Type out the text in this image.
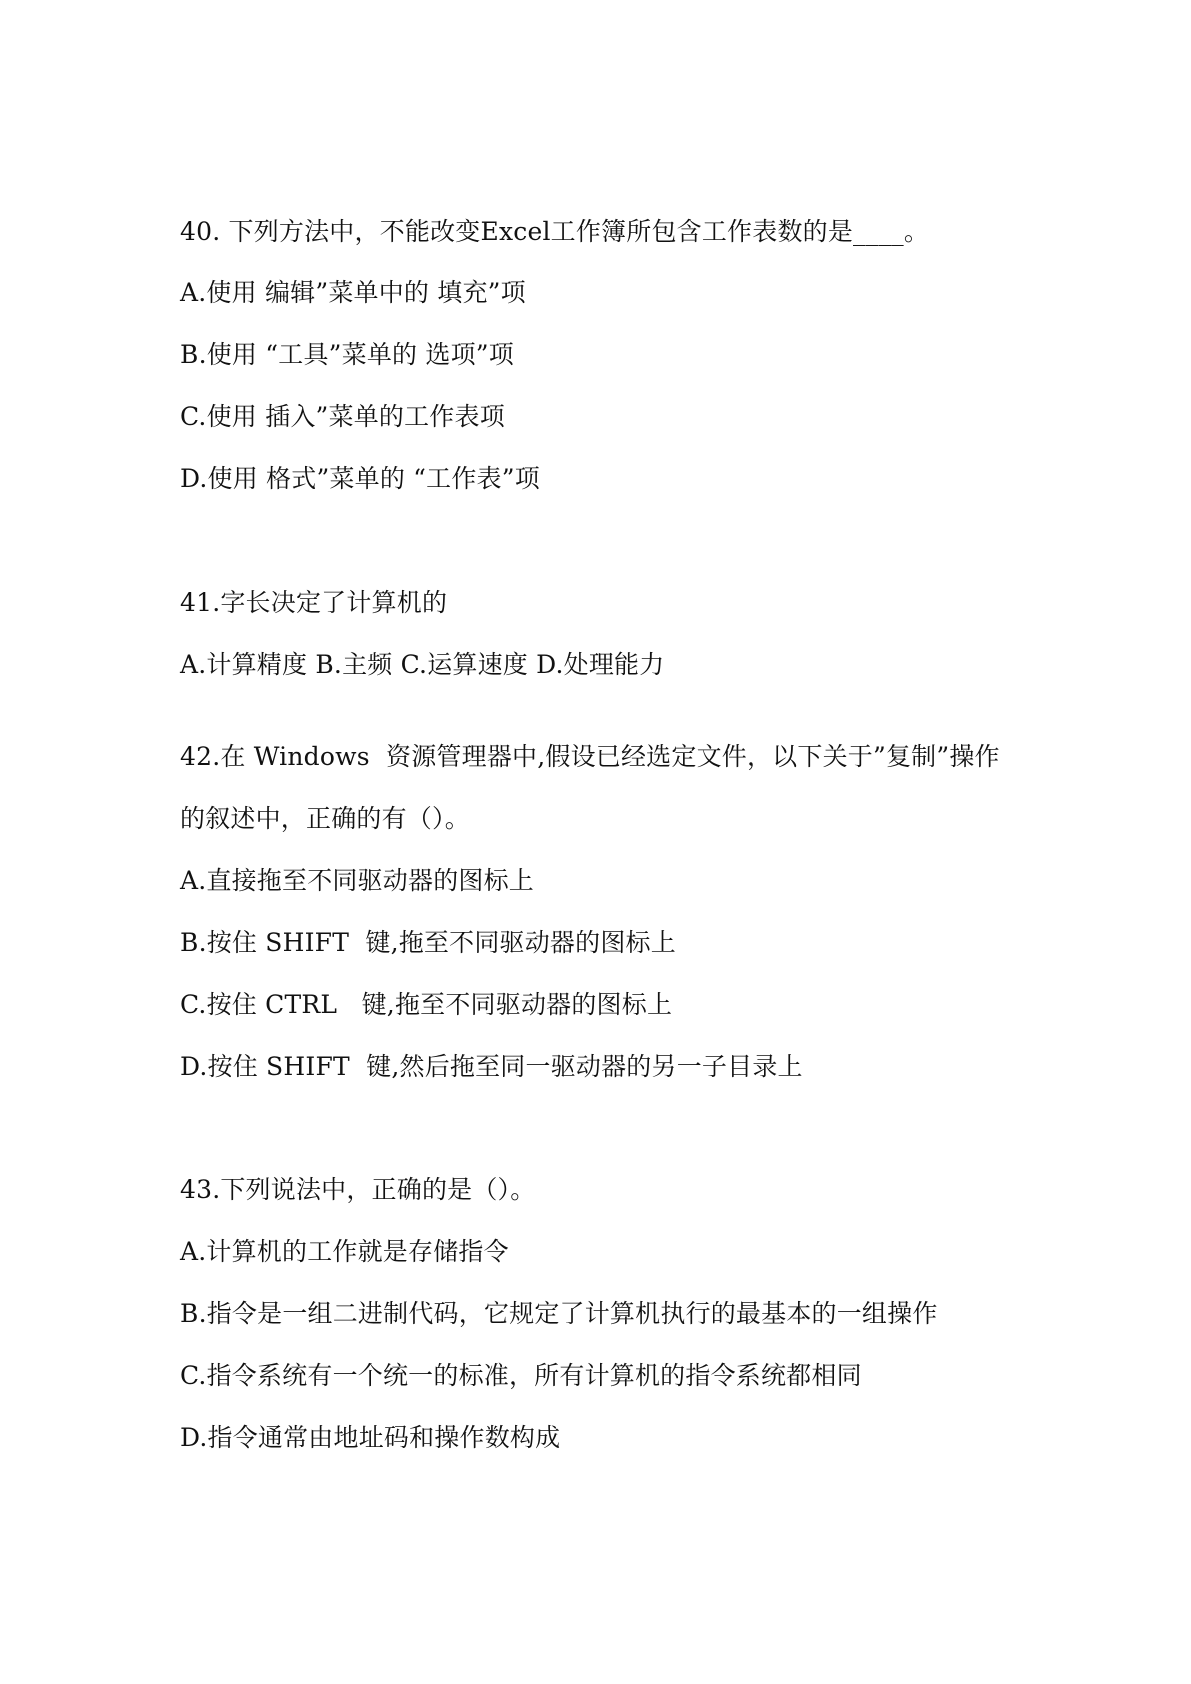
40. 下列方法中，不能改变Excel工作簿所包含工作表数的是____。
A.使用 编辑”菜单中的 填充”项
B.使用 “工具”菜单的 选项”项
C.使用 插入”菜单的工作表项
D.使用 格式”菜单的 “工作表”项
41.字长决定了计算机的
A.计算精度 B.主频 C.运算速度 D.处理能力
42.在 Windows  资源管理器中,假设已经选定文件，以下关于”复制”操作
的叙述中，正确的有（）。
A.直接拖至不同驱动器的图标上
B.按住 SHIFT  键,拖至不同驱动器的图标上
C.按住 CTRL   键,拖至不同驱动器的图标上
D.按住 SHIFT  键,然后拖至同一驱动器的另一子目录上
43.下列说法中，正确的是（）。
A.计算机的工作就是存储指令
B.指令是一组二进制代码，它规定了计算机执行的最基本的一组操作
C.指令系统有一个统一的标准，所有计算机的指令系统都相同
D.指令通常由地址码和操作数构成
